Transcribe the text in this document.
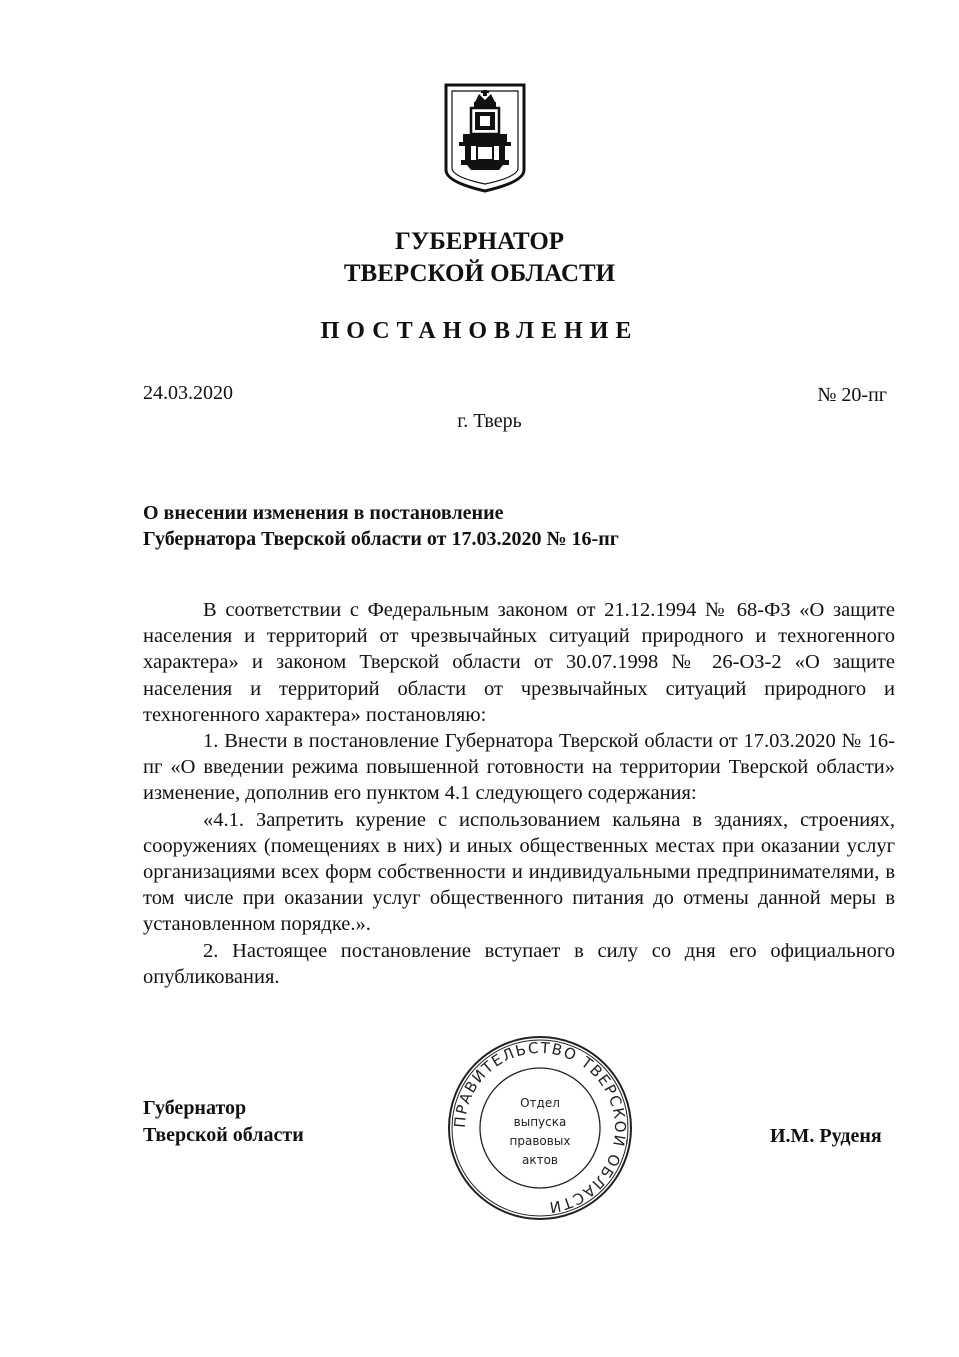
ГУБЕРНАТОР
ТВЕРСКОЙ ОБЛАСТИ
ПОСТАНОВЛЕНИЕ
24.03.2020	№ 20-пг
г. Тверь
О внесении изменения в постановление
Губернатора Тверской области от 17.03.2020 № 16-пг

В соответствии с Федеральным законом от 21.12.1994 № 68-ФЗ «О защите населения и территорий от чрезвычайных ситуаций природного и техногенного характера» и законом Тверской области от 30.07.1998 № 26-ОЗ-2 «О защите населения и территорий области от чрезвычайных ситуаций природного и техногенного характера» постановляю:

1. Внести в постановление Губернатора Тверской области от 17.03.2020 № 16-пг «О введении режима повышенной готовности на территории Тверской области» изменение, дополнив его пунктом 4.1 следующего содержания:

«4.1. Запретить курение с использованием кальяна в зданиях, строениях, сооружениях (помещениях в них) и иных общественных местах при оказании услуг организациями всех форм собственности и индивидуальными предпринимателями, в том числе при оказании услуг общественного питания до отмены данной меры в установленном порядке.».

2. Настоящее постановление вступает в силу со дня его официального опубликования.

Губернатор
Тверской области	И.М. Руденя
ПРАВИТЕЛЬСТВО ТВЕРСКОЙ ОБЛАСТИ
Отдел
выпуска
правовых
актов
